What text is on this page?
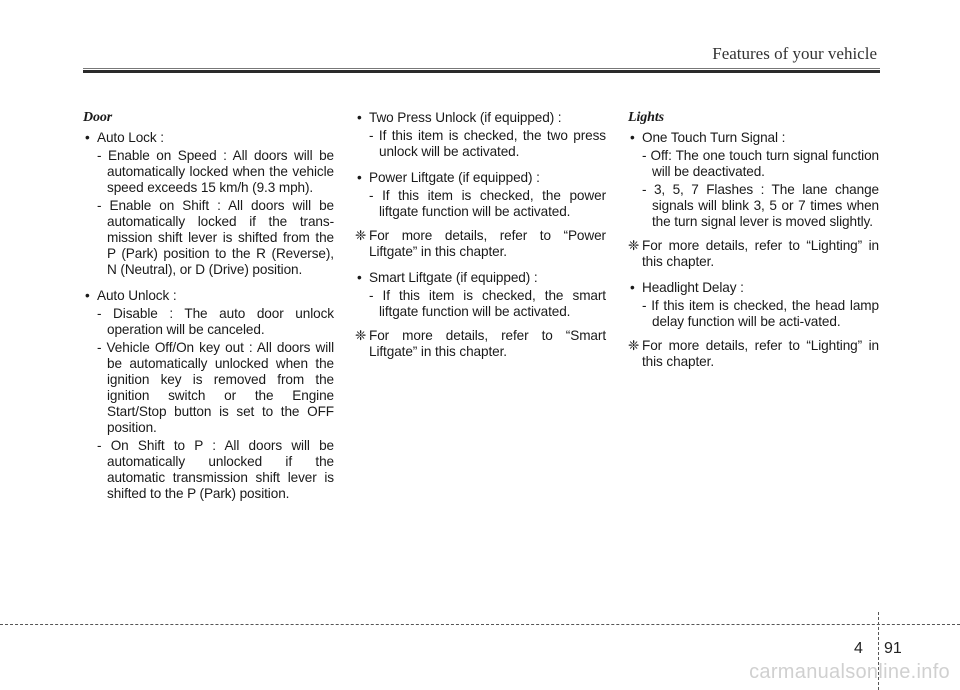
Features of your vehicle
Door
• Auto Lock :
- Enable on Speed : All doors will be automatically locked when the vehicle speed exceeds 15 km/h (9.3 mph).
- Enable on Shift : All doors will be automatically locked if the trans-mission shift lever is shifted from the P (Park) position to the R (Reverse), N (Neutral), or D (Drive) position.
• Auto Unlock :
- Disable : The auto door unlock operation will be canceled.
- Vehicle Off/On key out : All doors will be automatically unlocked when the ignition key is removed from the ignition switch or the Engine Start/Stop button is set to the OFF position.
- On Shift to P : All doors will be automatically unlocked if the automatic transmission shift lever is shifted to the P (Park) position.
• Two Press Unlock (if equipped) :
- If this item is checked, the two press unlock will be activated.
• Power Liftgate (if equipped) :
- If this item is checked, the power liftgate function will be activated.
❈ For more details, refer to “Power Liftgate” in this chapter.
• Smart Liftgate (if equipped) :
- If this item is checked, the smart liftgate function will be activated.
❈ For more details, refer to “Smart Liftgate” in this chapter.
Lights
• One Touch Turn Signal :
- Off: The one touch turn signal function will be deactivated.
- 3, 5, 7 Flashes : The lane change signals will blink 3, 5 or 7 times when the turn signal lever is moved slightly.
❈ For more details, refer to “Lighting” in this chapter.
• Headlight Delay :
- If this item is checked, the head lamp delay function will be acti-vated.
❈ For more details, refer to “Lighting” in this chapter.
4 91
carmanualsonline.info
